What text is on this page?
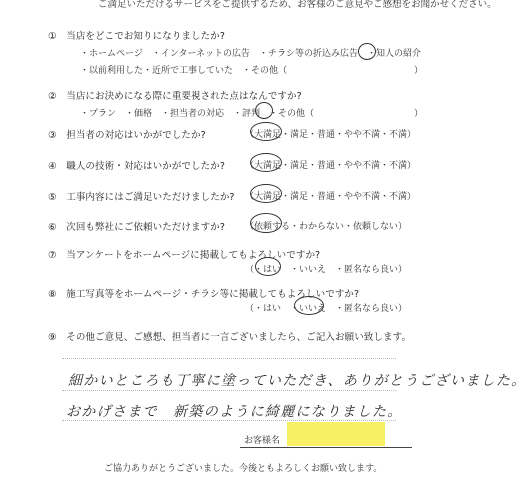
ご満足いただけるサービスをご提供するため、お客様のご意見やご感想をお聞かせください。
①　当店をどこでお知りになりましたか?
・ホームページ　・インターネットの広告　・チラシ等の折込み広告　・知人の紹介
・以前利用した・近所で工事していた　・その他（	）
②　当店にお決めになる際に重要視された点はなんですか?
・プラン　・価格　・担当者の対応　・評判　・その他（	）
③　担当者の対応はいかがでしたか?	（大満足・満足・普通・やや不満・不満）
④　職人の技術・対応はいかがでしたか? （大満足・満足・普通・やや不満・不満）
⑤　工事内容にはご満足いただけましたか? （大満足・満足・普通・やや不満・不満）
⑥　次回も弊社にご依頼いただけますか? （依頼する・わからない・依頼しない）
⑦　当アンケートをホームページに掲載してもよろしいですか?
（・はい　・いいえ　・匿名なら良い）
⑧　施工写真等をホームページ・チラシ等に掲載してもよろしいですか?
（・はい　・いいえ　・匿名なら良い）
⑨　その他ご意見、ご感想、担当者に一言ございましたら、ご記入お願い致します。
細かいところも丁寧に塗っていただき、ありがとうございました。
おかげさまで　新築のように綺麗になりました。
お客様名
ご協力ありがとうございました。今後ともよろしくお願い致します。
